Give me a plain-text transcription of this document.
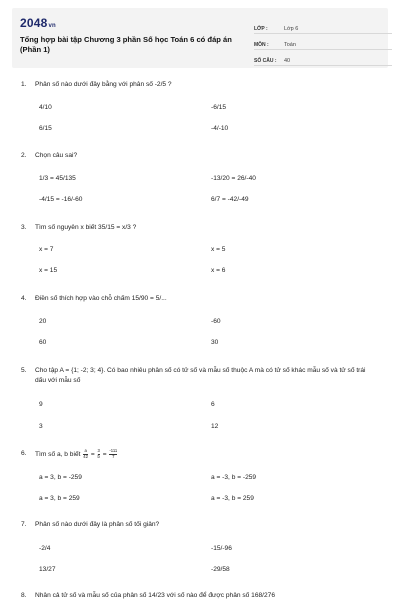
2048vn
Tổng hợp bài tập Chương 3 phần Số học Toán 6 có đáp án (Phần 1)
LỚP :	Lớp 6
MÔN :	Toán
SỐ CÂU :	40
1.	Phân số nào dưới đây bằng với phân số -2/5 ?
4/10	-6/15
6/15	-4/-10
2.	Chọn câu sai?
1/3 = 45/135	-13/20 = 26/-40
-4/15 = -16/-60	6/7 = -42/-49
3.	Tìm số nguyên x biết 35/15 = x/3 ?
x = 7	x = 5
x = 15	x = 6
4.	Điền số thích hợp vào chỗ chấm 15/90 = 5/...
20	-60
60	30
5.	Cho tập A = {1; -2; 3; 4}. Có bao nhiêu phân số có tử số và mẫu số thuộc A mà có tử số khác mẫu số và tử số trái dấu với mẫu số
9	6
3	12
6.	Tìm số a, b biết $\frac{a}{42} = \frac{3}{b} = \frac{-111}{7}$
a = 3, b = -259	a = -3, b = -259
a = 3, b = 259	a = -3, b = 259
7.	Phân số nào dưới đây là phân số tối giản?
-2/4	-15/-96
13/27	-29/58
8.	Nhân cả tử số và mẫu số của phân số 14/23 với số nào để được phân số 168/276
